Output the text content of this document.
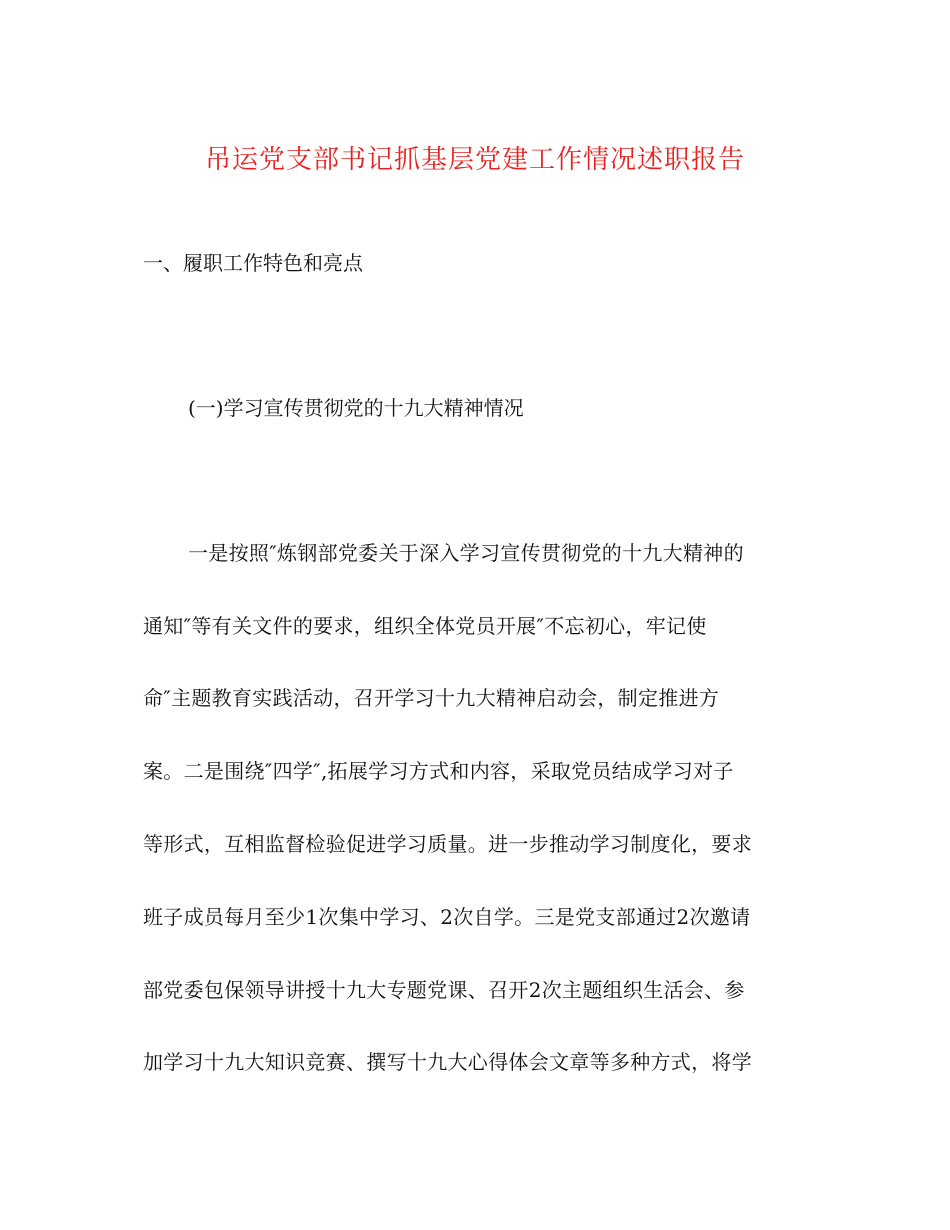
吊运党支部书记抓基层党建工作情况述职报告
一、履职工作特色和亮点
(一)学习宣传贯彻党的十九大精神情况
一是按照″炼钢部党委关于深入学习宣传贯彻党的十九大精神的
通知″等有关文件的要求，组织全体党员开展″不忘初心，牢记使
命″主题教育实践活动，召开学习十九大精神启动会，制定推进方
案。二是围绕″四学″,拓展学习方式和内容，采取党员结成学习对子
等形式，互相监督检验促进学习质量。进一步推动学习制度化，要求
班子成员每月至少1次集中学习、2次自学。三是党支部通过2次邀请
部党委包保领导讲授十九大专题党课、召开2次主题组织生活会、参
加学习十九大知识竞赛、撰写十九大心得体会文章等多种方式，将学
